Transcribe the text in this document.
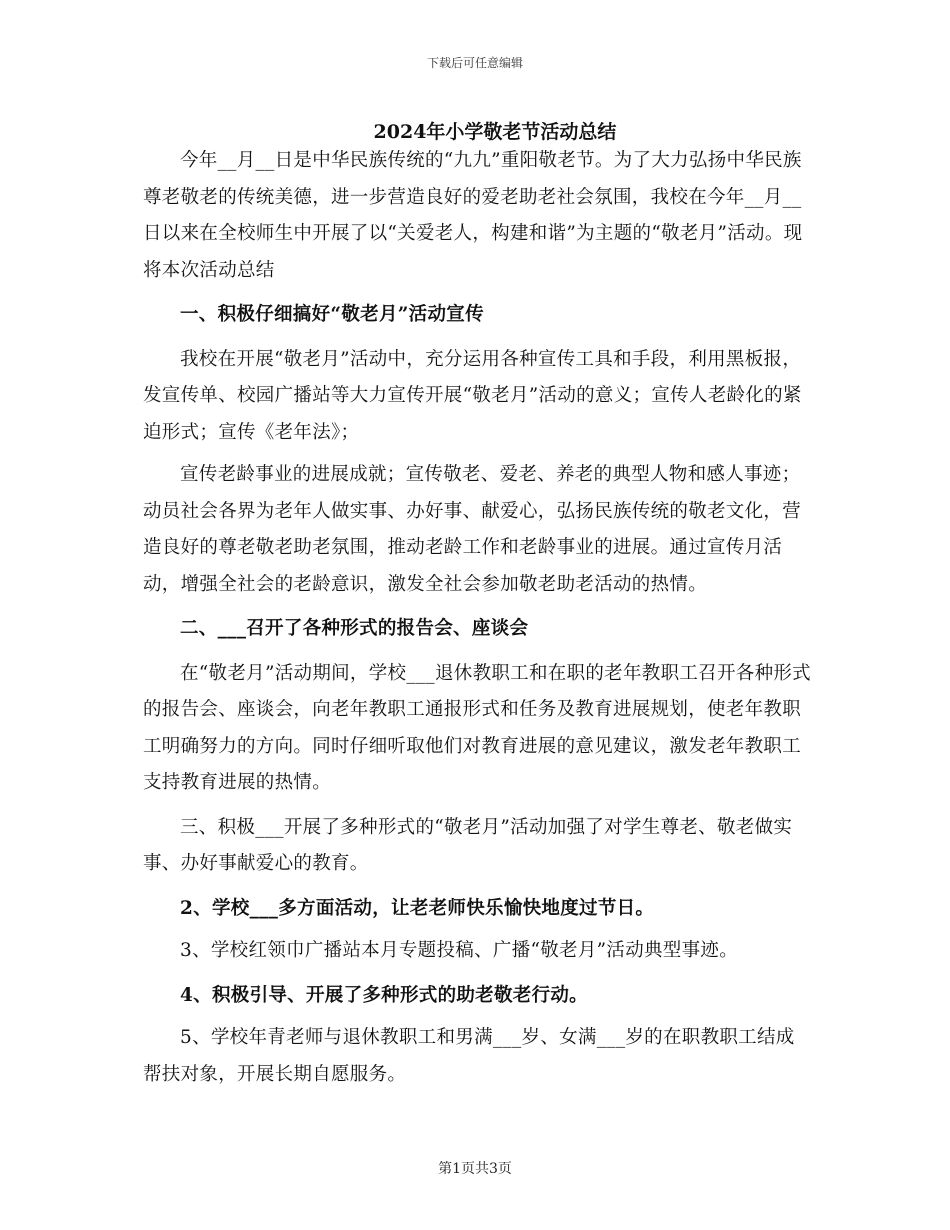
下载后可任意编辑
2024年小学敬老节活动总结

今年__月__日是中华民族传统的“九九”重阳敬老节。为了大力弘扬中华民族尊老敬老的传统美德，进一步营造良好的爱老助老社会氛围，我校在今年__月__日以来在全校师生中开展了以“关爱老人，构建和谐”为主题的“敬老月”活动。现将本次活动总结

一、积极仔细搞好“敬老月”活动宣传

我校在开展“敬老月”活动中，充分运用各种宣传工具和手段，利用黑板报，发宣传单、校园广播站等大力宣传开展“敬老月”活动的意义；宣传人老龄化的紧迫形式；宣传《老年法》；

宣传老龄事业的进展成就；宣传敬老、爱老、养老的典型人物和感人事迹；动员社会各界为老年人做实事、办好事、献爱心，弘扬民族传统的敬老文化，营造良好的尊老敬老助老氛围，推动老龄工作和老龄事业的进展。通过宣传月活动，增强全社会的老龄意识，激发全社会参加敬老助老活动的热情。

二、___召开了各种形式的报告会、座谈会

在“敬老月”活动期间，学校___退休教职工和在职的老年教职工召开各种形式的报告会、座谈会，向老年教职工通报形式和任务及教育进展规划，使老年教职工明确努力的方向。同时仔细听取他们对教育进展的意见建议，激发老年教职工支持教育进展的热情。

三、积极___开展了多种形式的“敬老月”活动加强了对学生尊老、敬老做实事、办好事献爱心的教育。

2、学校___多方面活动，让老老师快乐愉快地度过节日。

3、学校红领巾广播站本月专题投稿、广播“敬老月”活动典型事迹。

4、积极引导、开展了多种形式的助老敬老行动。

5、学校年青老师与退休教职工和男满___岁、女满___岁的在职教职工结成帮扶对象，开展长期自愿服务。

第1页共3页
